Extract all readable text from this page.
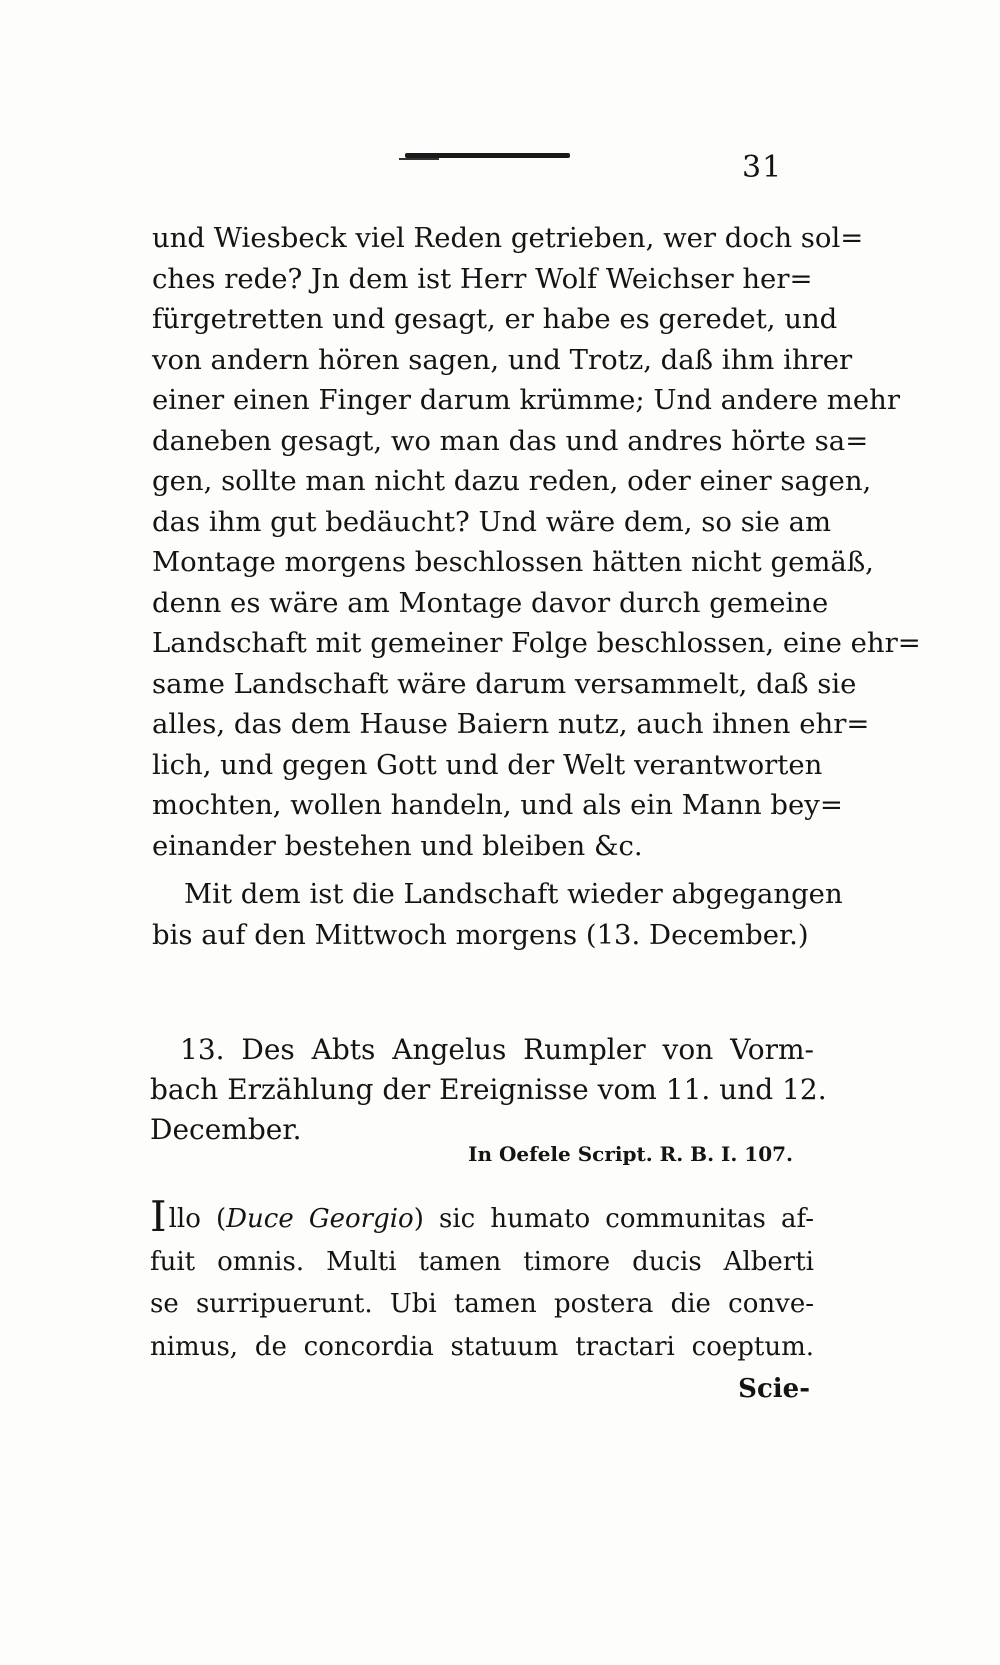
31
und Wiesbeck viel Reden getrieben, wer doch sol=
ches rede? Jn dem ist Herr Wolf Weichser her=
fürgetretten und gesagt, er habe es geredet, und
von andern hören sagen, und Trotz, daß ihm ihrer
einer einen Finger darum krümme; Und andere mehr
daneben gesagt, wo man das und andres hörte sa=
gen, sollte man nicht dazu reden, oder einer sagen,
das ihm gut bedäucht? Und wäre dem, so sie am
Montage morgens beschlossen hätten nicht gemäß,
denn es wäre am Montage davor durch gemeine
Landschaft mit gemeiner Folge beschlossen, eine ehr=
same Landschaft wäre darum versammelt, daß sie
alles, das dem Hause Baiern nutz, auch ihnen ehr=
lich, und gegen Gott und der Welt verantworten
mochten, wollen handeln, und als ein Mann bey=
einander bestehen und bleiben &c.
Mit dem ist die Landschaft wieder abgegangen
bis auf den Mittwoch morgens (13. December.)
13. Des Abts Angelus Rumpler von Vorm-
bach Erzählung der Ereignisse vom 11. und 12.
December.
In Oefele Script. R. B. I. 107.
Illo (Duce Georgio) sic humato communitas af-
fuit omnis. Multi tamen timore ducis Alberti
se surripuerunt. Ubi tamen postera die conve-
nimus, de concordia statuum tractari coeptum.
Scie-
